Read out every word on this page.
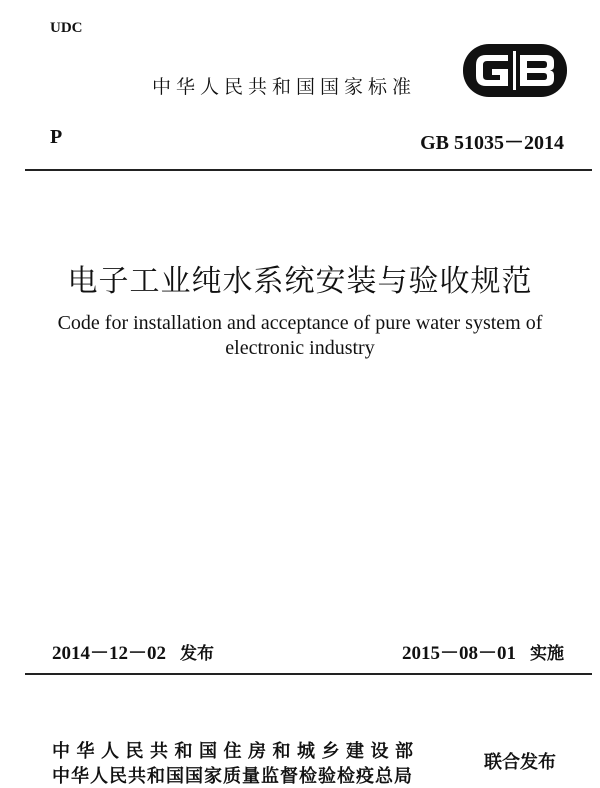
UDC
中华人民共和国国家标准
P	GB 51035－2014
电子工业纯水系统安装与验收规范
Code for installation and acceptance of pure water system of
electronic industry
2014－12－02 发布	2015－08－01 实施
中华人民共和国住房和城乡建设部
中华人民共和国国家质量监督检验检疫总局
联合发布
